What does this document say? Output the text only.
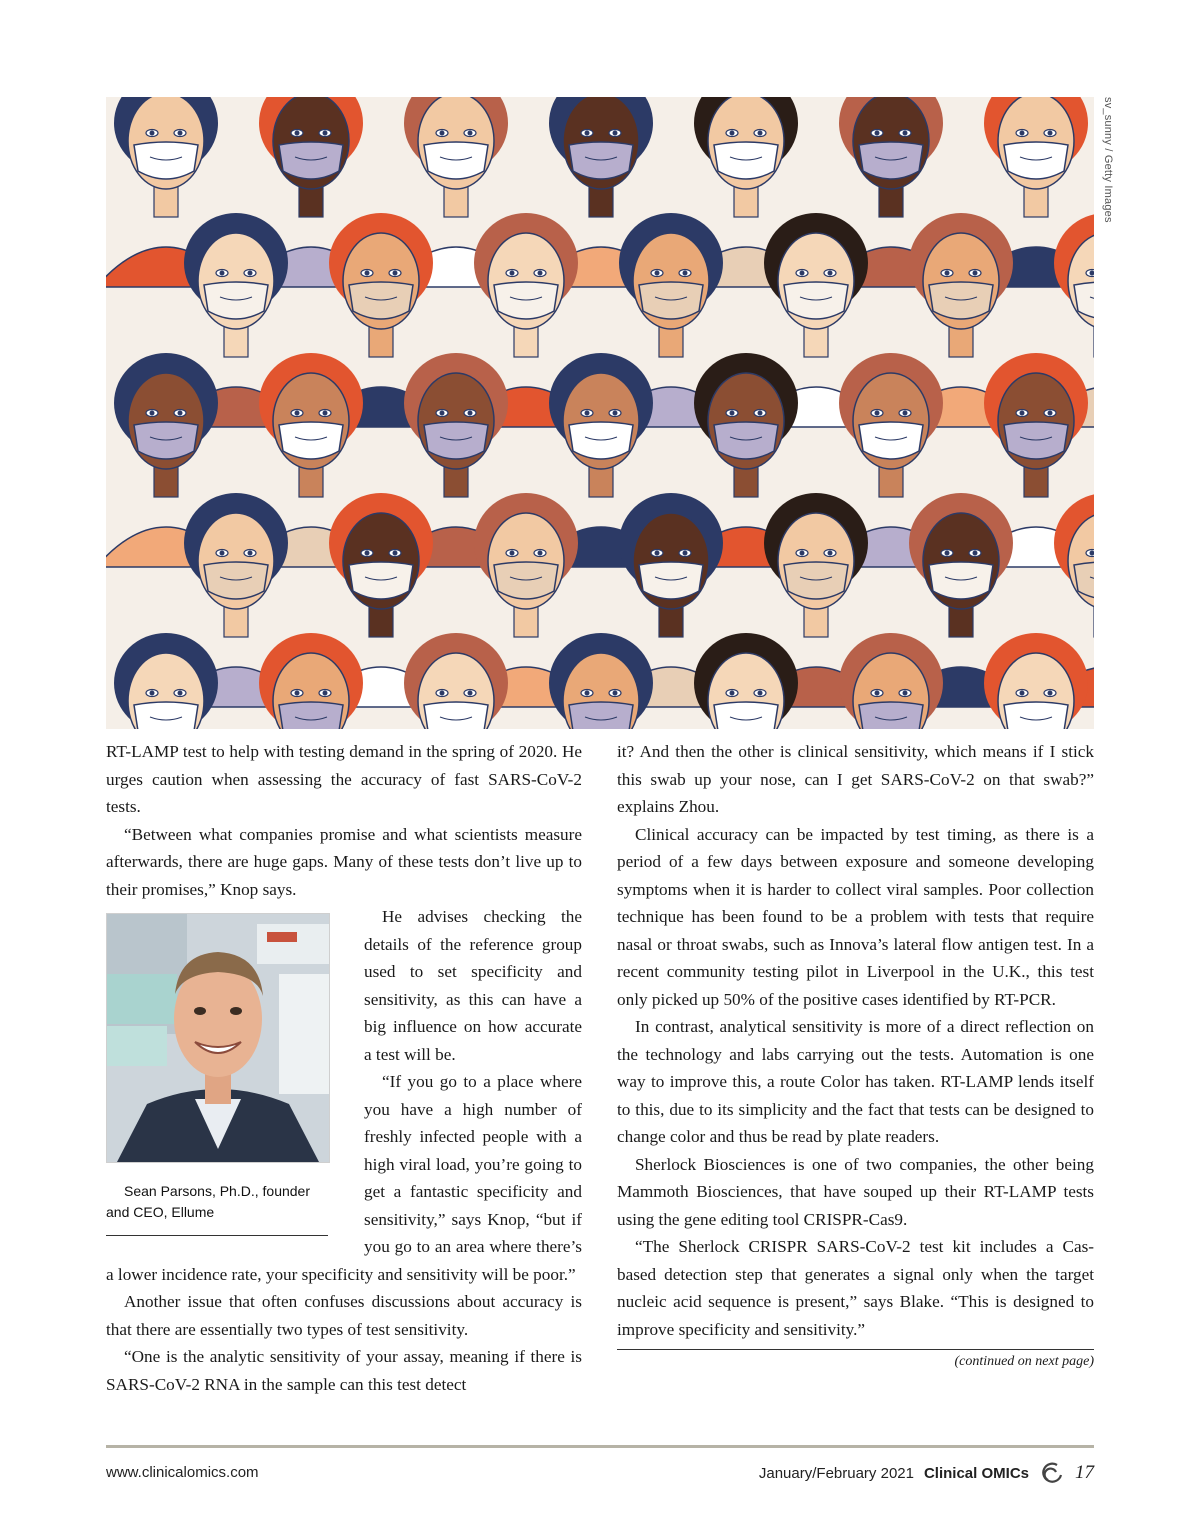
sv_sunny / Getty Images

RT-LAMP test to help with testing demand in the spring of 2020. He urges caution when assessing the accuracy of fast SARS-CoV-2 tests.

“Between what companies promise and what scientists measure afterwards, there are huge gaps. Many of these tests don’t live up to their promises,” Knop says.

Sean Parsons, Ph.D., founder and CEO, Ellume
He advises checking the details of the reference group used to set specificity and sensitivity, as this can have a big influence on how accurate a test will be.

“If you go to a place where you have a high number of freshly infected people with a high viral load, you’re going to get a fantastic specificity and sensitivity,” says Knop, “but if you go to an area where there’s a lower incidence rate, your specificity and sensitivity will be poor.”

Another issue that often confuses discussions about accuracy is that there are essentially two types of test sensitivity.

“One is the analytic sensitivity of your assay, meaning if there is SARS-CoV-2 RNA in the sample can this test detect

it? And then the other is clinical sensitivity, which means if I stick this swab up your nose, can I get SARS-CoV-2 on that swab?” explains Zhou.

Clinical accuracy can be impacted by test timing, as there is a period of a few days between exposure and someone developing symptoms when it is harder to collect viral samples. Poor collection technique has been found to be a problem with tests that require nasal or throat swabs, such as Innova’s lateral flow antigen test. In a recent community testing pilot in Liverpool in the U.K., this test only picked up 50% of the positive cases identified by RT-PCR.

In contrast, analytical sensitivity is more of a direct reflection on the technology and labs carrying out the tests. Automation is one way to improve this, a route Color has taken. RT-LAMP lends itself to this, due to its simplicity and the fact that tests can be designed to change color and thus be read by plate readers.

Sherlock Biosciences is one of two companies, the other being Mammoth Biosciences, that have souped up their RT-LAMP tests using the gene editing tool CRISPR-Cas9.

“The Sherlock CRISPR SARS-CoV-2 test kit includes a Cas-based detection step that generates a signal only when the target nucleic acid sequence is present,” says Blake. “This is designed to improve specificity and sensitivity.”

(continued on next page)
www.clinicalomics.com	January/February 2021 Clinical OMICs 17
